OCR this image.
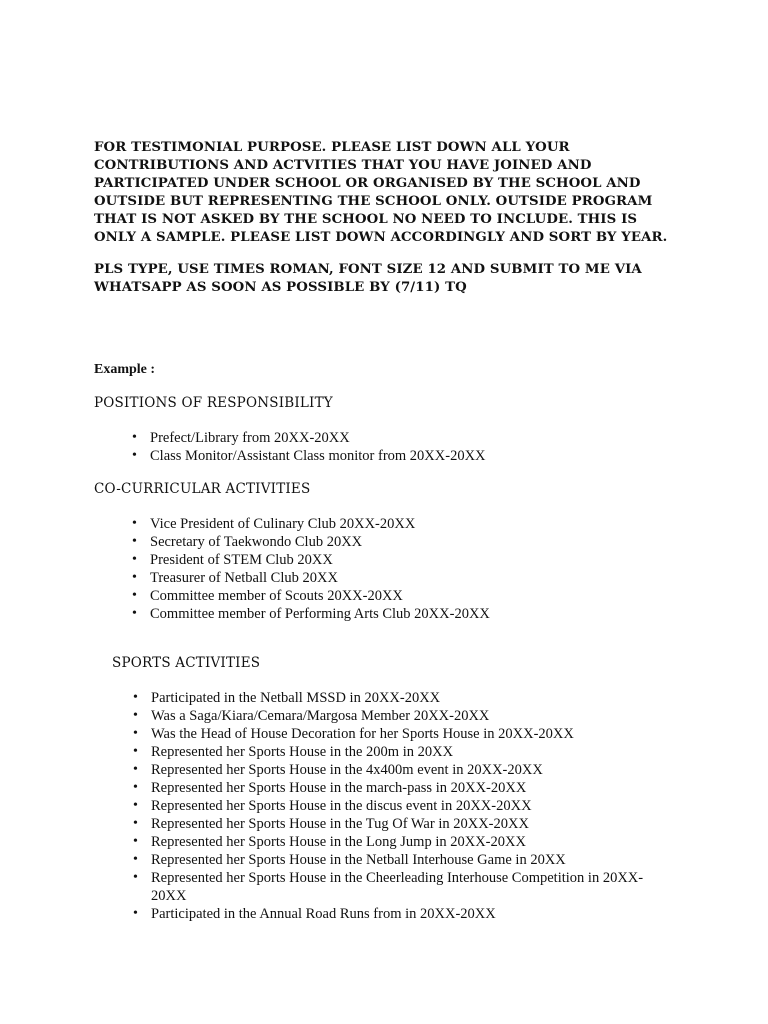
FOR TESTIMONIAL PURPOSE. PLEASE LIST DOWN ALL YOUR CONTRIBUTIONS AND ACTVITIES THAT YOU HAVE JOINED AND PARTICIPATED UNDER SCHOOL OR ORGANISED BY THE SCHOOL AND OUTSIDE BUT REPRESENTING THE SCHOOL ONLY. OUTSIDE PROGRAM THAT IS NOT ASKED BY THE SCHOOL NO NEED TO INCLUDE. THIS IS ONLY A SAMPLE. PLEASE LIST DOWN ACCORDINGLY AND SORT BY YEAR.

PLS TYPE, USE TIMES ROMAN, FONT SIZE 12 AND SUBMIT TO ME VIA WHATSAPP AS SOON AS POSSIBLE BY (7/11) TQ

Example :

POSITIONS OF RESPONSIBILITY
• Prefect/Library from 20XX-20XX
• Class Monitor/Assistant Class monitor from 20XX-20XX
CO-CURRICULAR ACTIVITIES
• Vice President of Culinary Club 20XX-20XX
• Secretary of Taekwondo Club 20XX
• President of STEM Club 20XX
• Treasurer of Netball Club 20XX
• Committee member of Scouts 20XX-20XX
• Committee member of Performing Arts Club 20XX-20XX
SPORTS ACTIVITIES
• Participated in the Netball MSSD in 20XX-20XX
• Was a Saga/Kiara/Cemara/Margosa Member 20XX-20XX
• Was the Head of House Decoration for her Sports House in 20XX-20XX
• Represented her Sports House in the 200m in 20XX
• Represented her Sports House in the 4x400m event in 20XX-20XX
• Represented her Sports House in the march-pass in 20XX-20XX
• Represented her Sports House in the discus event in 20XX-20XX
• Represented her Sports House in the Tug Of War in 20XX-20XX
• Represented her Sports House in the Long Jump in 20XX-20XX
• Represented her Sports House in the Netball Interhouse Game in 20XX
• Represented her Sports House in the Cheerleading Interhouse Competition in 20XX-20XX
• Participated in the Annual Road Runs from in 20XX-20XX
